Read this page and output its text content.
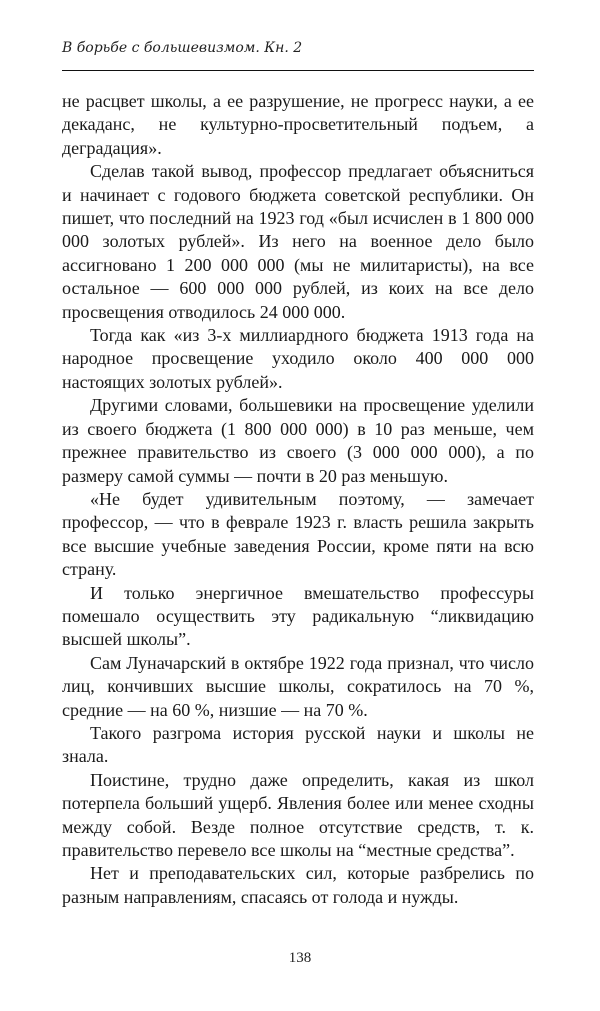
В борьбе с большевизмом. Кн. 2

не расцвет школы, а ее разрушение, не прогресс науки, а ее декаданс, не культурно-просветительный подъем, а деградация».

Сделав такой вывод, профессор предлагает объясниться и начинает с годового бюджета советской республики. Он пишет, что последний на 1923 год «был исчислен в 1 800 000 000 золотых рублей». Из него на военное дело было ассигновано 1 200 000 000 (мы не милитаристы), на все остальное — 600 000 000 рублей, из коих на все дело просвещения отводилось 24 000 000.

Тогда как «из 3-х миллиардного бюджета 1913 года на народное просвещение уходило около 400 000 000 настоящих золотых рублей».

Другими словами, большевики на просвещение уделили из своего бюджета (1 800 000 000) в 10 раз меньше, чем прежнее правительство из своего (3 000 000 000), а по размеру самой суммы — почти в 20 раз меньшую.

«Не будет удивительным поэтому, — замечает профессор, — что в феврале 1923 г. власть решила закрыть все высшие учебные заведения России, кроме пяти на всю страну.

И только энергичное вмешательство профессуры помешало осуществить эту радикальную “ликвидацию высшей школы”.

Сам Луначарский в октябре 1922 года признал, что число лиц, кончивших высшие школы, сократилось на 70 %, средние — на 60 %, низшие — на 70 %.

Такого разгрома история русской науки и школы не знала.

Поистине, трудно даже определить, какая из школ потерпела больший ущерб. Явления более или менее сходны между собой. Везде полное отсутствие средств, т. к. правительство перевело все школы на “местные средства”.

Нет и преподавательских сил, которые разбрелись по разным направлениям, спасаясь от голода и нужды.

138
